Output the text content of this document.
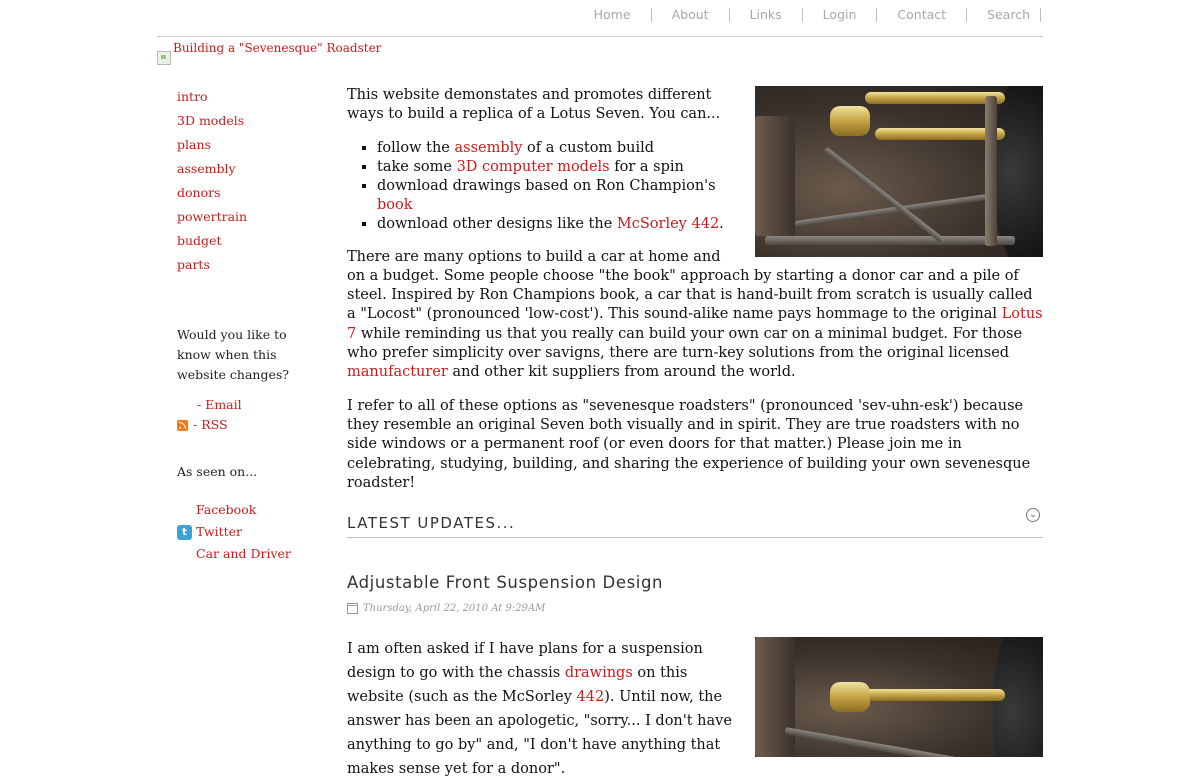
Home	About	Links	Login	Contact	Search
Building a "Sevenesque" Roadster
intro
3D models
plans
assembly
donors
powertrain
budget
parts
Would you like to know when this website changes?
- Email
- RSS
As seen on...
Facebook
t Twitter
Car and Driver

This website demonstates and promotes different ways to build a replica of a Lotus Seven. You can...

▪ follow the assembly of a custom build
▪ take some 3D computer models for a spin
▪ download drawings based on Ron Champion's book
▪ download other designs like the McSorley 442.

There are many options to build a car at home and on a budget. Some people choose "the book" approach by starting a donor car and a pile of steel. Inspired by Ron Champions book, a car that is hand-built from scratch is usually called a "Locost" (pronounced 'low-cost'). This sound-alike name pays hommage to the original Lotus 7 while reminding us that you really can build your own car on a minimal budget. For those who prefer simplicity over savigns, there are turn-key solutions from the original licensed manufacturer and other kit suppliers from around the world.

I refer to all of these options as "sevenesque roadsters" (pronounced 'sev-uhn-esk') because they resemble an original Seven both visually and in spirit. They are true roadsters with no side windows or a permanent roof (or even doors for that matter.) Please join me in celebrating, studying, building, and sharing the experience of building your own sevenesque roadster!

LATEST UPDATES...	⌄
Adjustable Front Suspension Design
Thursday, April 22, 2010 At 9:29AM

I am often asked if I have plans for a suspension design to go with the chassis drawings on this website (such as the McSorley 442). Until now, the answer has been an apologetic, "sorry... I don't have anything to go by" and, "I don't have anything that makes sense yet for a donor".
